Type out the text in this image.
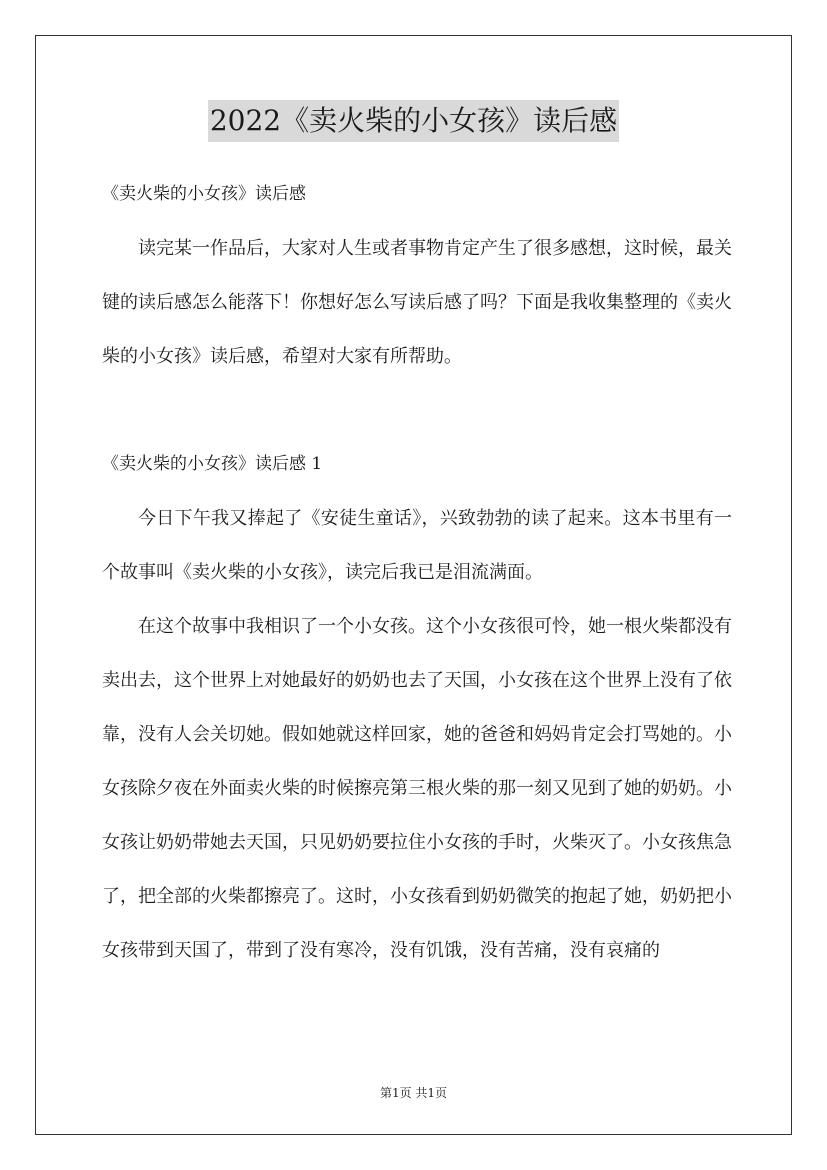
2022《卖火柴的小女孩》读后感
《卖火柴的小女孩》读后感
读完某一作品后，大家对人生或者事物肯定产生了很多感想，这时候，最关键的读后感怎么能落下！你想好怎么写读后感了吗？下面是我收集整理的《卖火柴的小女孩》读后感，希望对大家有所帮助。
《卖火柴的小女孩》读后感 1
今日下午我又捧起了《安徒生童话》，兴致勃勃的读了起来。这本书里有一个故事叫《卖火柴的小女孩》，读完后我已是泪流满面。
在这个故事中我相识了一个小女孩。这个小女孩很可怜，她一根火柴都没有卖出去，这个世界上对她最好的奶奶也去了天国，小女孩在这个世界上没有了依靠，没有人会关切她。假如她就这样回家，她的爸爸和妈妈肯定会打骂她的。小女孩除夕夜在外面卖火柴的时候擦亮第三根火柴的那一刻又见到了她的奶奶。小女孩让奶奶带她去天国，只见奶奶要拉住小女孩的手时，火柴灭了。小女孩焦急了，把全部的火柴都擦亮了。这时，小女孩看到奶奶微笑的抱起了她，奶奶把小女孩带到天国了，带到了没有寒冷，没有饥饿，没有苦痛，没有哀痛的
第1页 共1页
